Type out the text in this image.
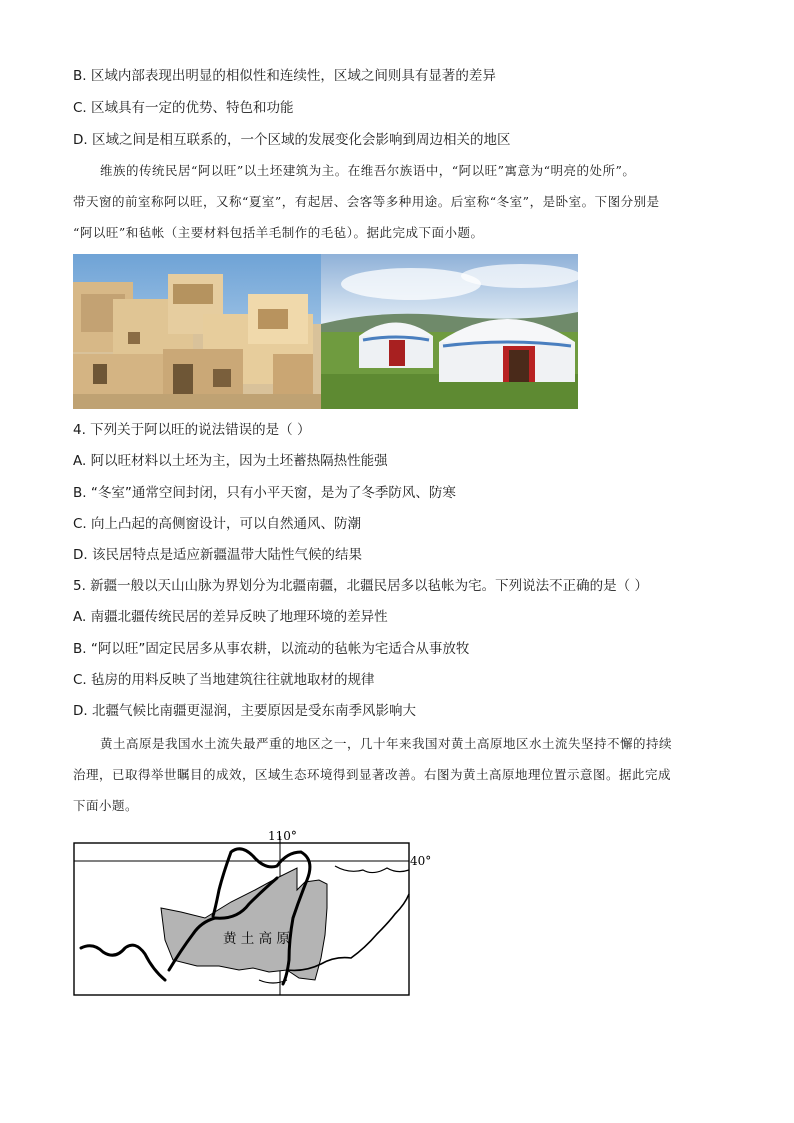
B. 区域内部表现出明显的相似性和连续性，区域之间则具有显著的差异
C. 区域具有一定的优势、特色和功能
D. 区域之间是相互联系的，一个区域的发展变化会影响到周边相关的地区
维族的传统民居“阿以旺”以土坯建筑为主。在维吾尔族语中，“阿以旺”寓意为“明亮的处所”。
带天窗的前室称阿以旺，又称“夏室”，有起居、会客等多种用途。后室称“冬室”，是卧室。下图分别是
“阿以旺”和毡帐（主要材料包括羊毛制作的毛毡）。据此完成下面小题。
4. 下列关于阿以旺的说法错误的是（ ）
A. 阿以旺材料以土坯为主，因为土坯蓄热隔热性能强
B. “冬室”通常空间封闭，只有小平天窗，是为了冬季防风、防寒
C. 向上凸起的高侧窗设计，可以自然通风、防潮
D. 该民居特点是适应新疆温带大陆性气候的结果
5. 新疆一般以天山山脉为界划分为北疆南疆，北疆民居多以毡帐为宅。下列说法不正确的是（ ）
A. 南疆北疆传统民居的差异反映了地理环境的差异性
B. “阿以旺”固定民居多从事农耕，以流动的毡帐为宅适合从事放牧
C. 毡房的用料反映了当地建筑往往就地取材的规律
D. 北疆气候比南疆更湿润，主要原因是受东南季风影响大
黄土高原是我国水土流失最严重的地区之一，几十年来我国对黄土高原地区水土流失坚持不懈的持续
治理，已取得举世瞩目的成效，区域生态环境得到显著改善。右图为黄土高原地理位置示意图。据此完成
下面小题。
110°
40°
黄 土 高 原
